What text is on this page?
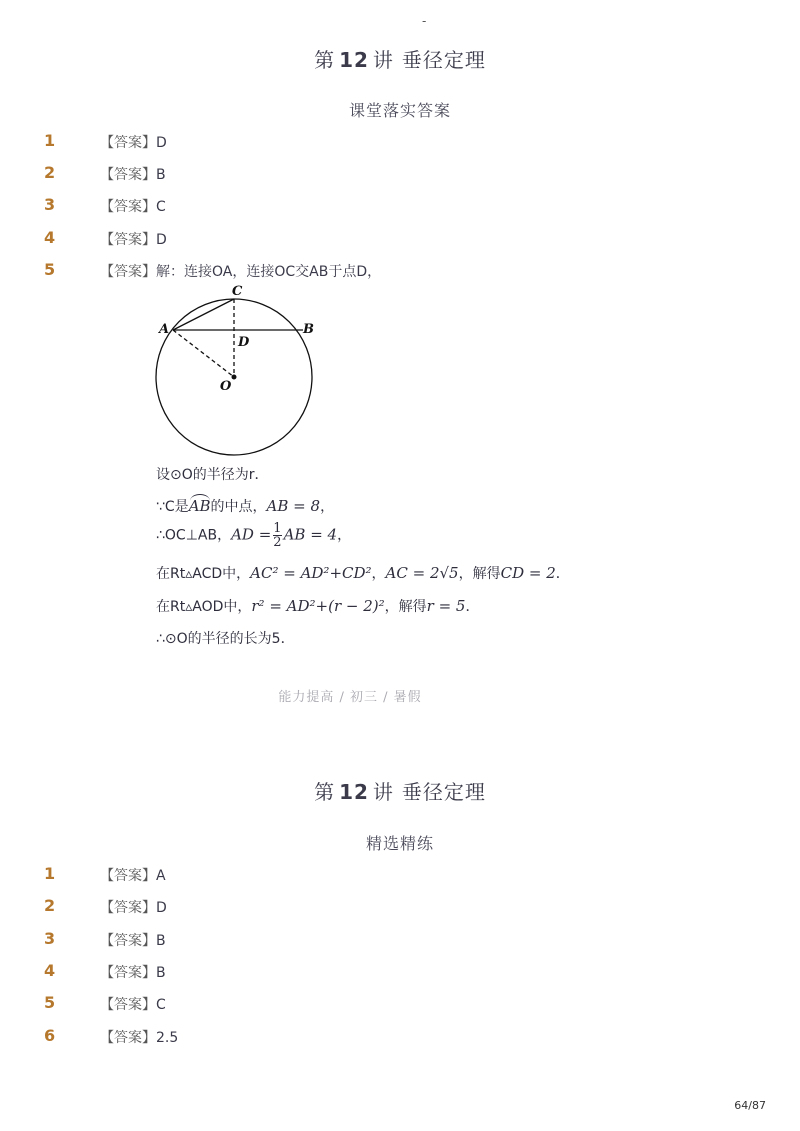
-
第 12 讲 垂径定理
课堂落实答案
1	【答案】D
2	【答案】B
3	【答案】C
4	【答案】D
5	【答案】解：连接OA，连接OC交AB于点D，
C
A	B
D
O
设⊙O的半径为r．
∵C是AB的中点，AB = 8，
∴OC⊥AB，AD = $\frac{1}{2}$ AB = 4，
在Rt▵ACD中，AC² = AD²+CD²，AC = 2√5，解得CD = 2．
在Rt▵AOD中，r² = AD²+(r − 2)²，解得r = 5．
∴⊙O的半径的长为5．
能力提高 / 初三 / 暑假
第 12 讲 垂径定理
精选精练
1	【答案】A
2	【答案】D
3	【答案】B
4	【答案】B
5	【答案】C
6	【答案】2.5
64/87
